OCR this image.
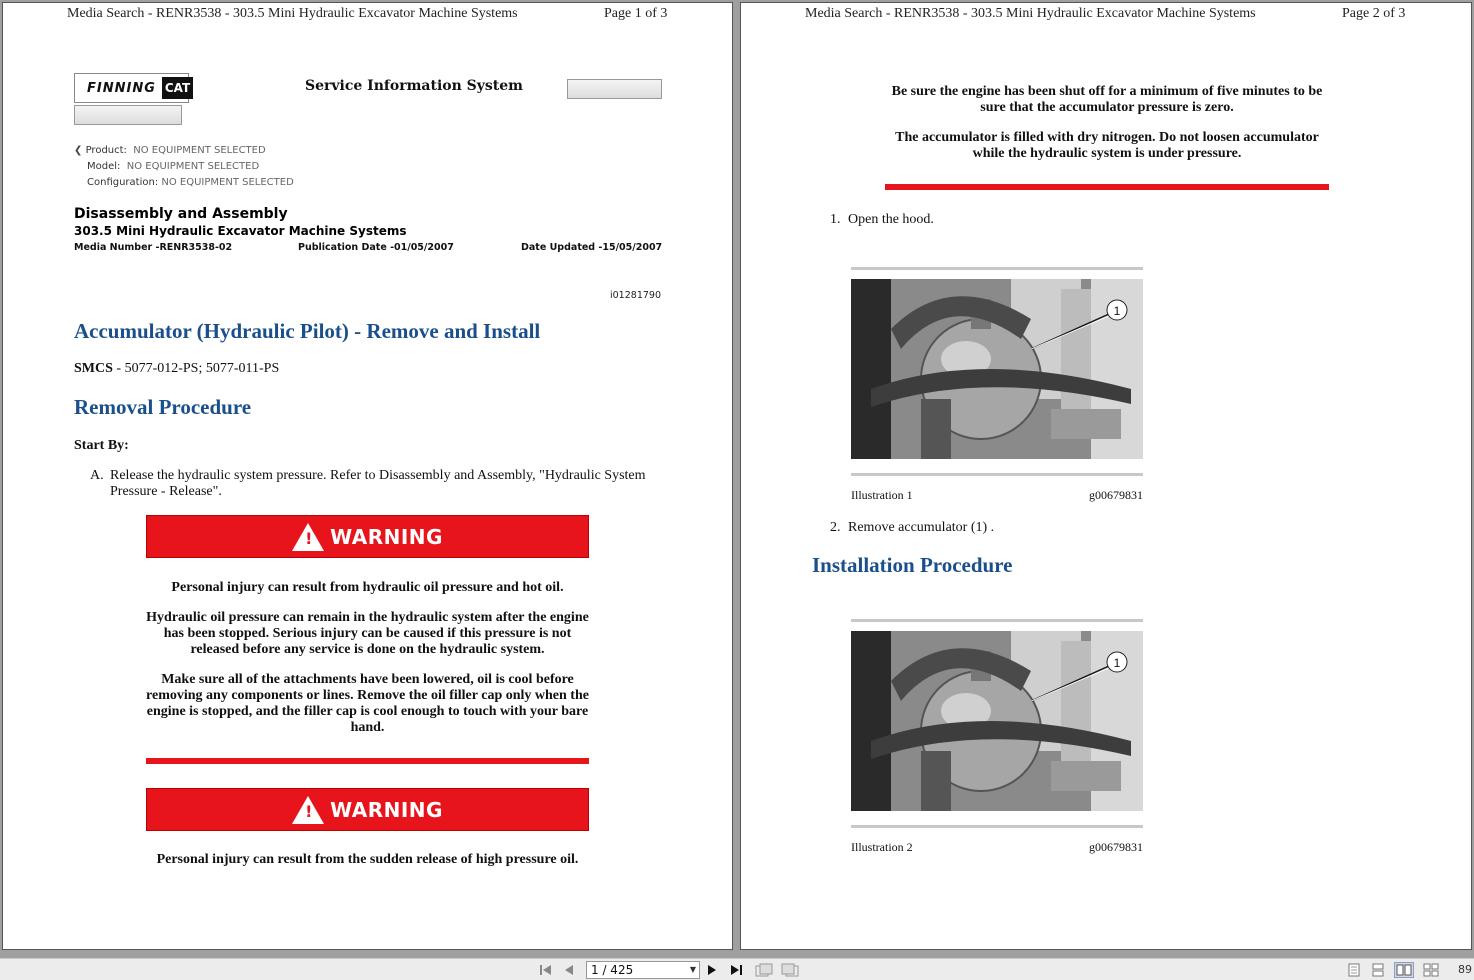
Media Search - RENR3538 - 303.5 Mini Hydraulic Excavator Machine Systems	Page 1 of 3
FINNING CAT	Service Information System
❮ Product: NO EQUIPMENT SELECTED
Model: NO EQUIPMENT SELECTED
Configuration: NO EQUIPMENT SELECTED
Disassembly and Assembly
303.5 Mini Hydraulic Excavator Machine Systems
Media Number -RENR3538-02	Publication Date -01/05/2007	Date Updated -15/05/2007
i01281790
Accumulator (Hydraulic Pilot) - Remove and Install
SMCS - 5077-012-PS; 5077-011-PS
Removal Procedure
Start By:
A. Release the hydraulic system pressure. Refer to Disassembly and Assembly, "Hydraulic System Pressure - Release".
! WARNING
Personal injury can result from hydraulic oil pressure and hot oil.
Hydraulic oil pressure can remain in the hydraulic system after the engine has been stopped. Serious injury can be caused if this pressure is not released before any service is done on the hydraulic system.
Make sure all of the attachments have been lowered, oil is cool before removing any components or lines. Remove the oil filler cap only when the engine is stopped, and the filler cap is cool enough to touch with your bare hand.
! WARNING
Personal injury can result from the sudden release of high pressure oil.
Media Search - RENR3538 - 303.5 Mini Hydraulic Excavator Machine Systems	Page 2 of 3
Be sure the engine has been shut off for a minimum of five minutes to be sure that the accumulator pressure is zero.
The accumulator is filled with dry nitrogen. Do not loosen accumulator while the hydraulic system is under pressure.
1. Open the hood.
1
Illustration 1	g00679831
2. Remove accumulator (1) .
Installation Procedure
1
Illustration 2	g00679831
1 / 425	▼	89
